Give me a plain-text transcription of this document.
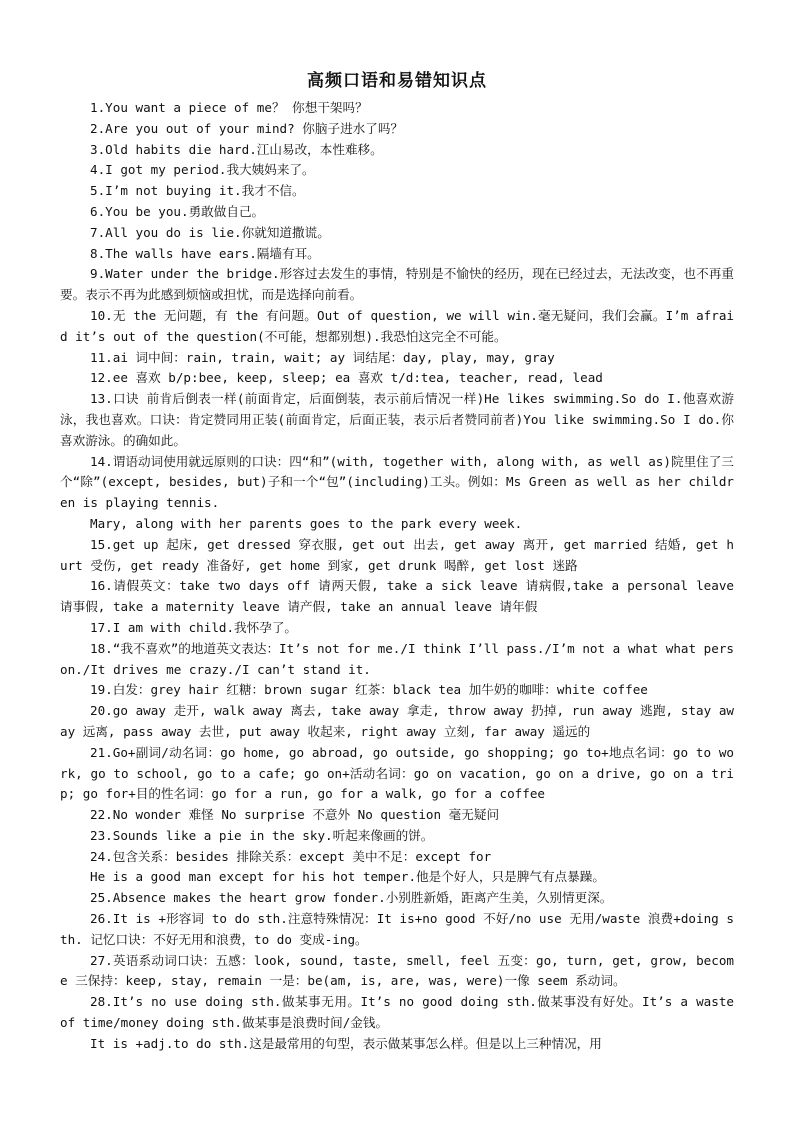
高频口语和易错知识点

1.You want a piece of me？ 你想干架吗？

2.Are you out of your mind? 你脑子进水了吗？

3.Old habits die hard.江山易改，本性难移。

4.I got my period.我大姨妈来了。

5.I’m not buying it.我才不信。

6.You be you.勇敢做自己。

7.All you do is lie.你就知道撒谎。

8.The walls have ears.隔墙有耳。

9.Water under the bridge.形容过去发生的事情，特别是不愉快的经历，现在已经过去，无法改变，也不再重要。表示不再为此感到烦恼或担忧，而是选择向前看。

10.无 the 无问题，有 the 有问题。Out of question, we will win.毫无疑问，我们会赢。I’m afraid it’s out of the question(不可能，想都别想).我恐怕这完全不可能。

11.ai 词中间：rain, train, wait; ay 词结尾：day, play, may, gray

12.ee 喜欢 b/p:bee, keep, sleep; ea 喜欢 t/d:tea, teacher, read, lead

13.口诀 前肯后倒表一样(前面肯定，后面倒装，表示前后情况一样)He likes swimming.So do I.他喜欢游泳，我也喜欢。口诀：肯定赞同用正装(前面肯定，后面正装，表示后者赞同前者)You like swimming.So I do.你喜欢游泳。的确如此。

14.谓语动词使用就远原则的口诀：四“和”(with, together with, along with, as well as)院里住了三个“除”(except, besides, but)子和一个“包”(including)工头。例如：Ms Green as well as her children is playing tennis.

Mary, along with her parents goes to the park every week.

15.get up 起床, get dressed 穿衣服, get out 出去, get away 离开, get married 结婚, get hurt 受伤, get ready 准备好, get home 到家, get drunk 喝醉, get lost 迷路

16.请假英文：take two days off 请两天假, take a sick leave 请病假,take a personal leave 请事假, take a maternity leave 请产假, take an annual leave 请年假

17.I am with child.我怀孕了。

18.“我不喜欢”的地道英文表达：It’s not for me./I think I’ll pass./I’m not a what what person./It drives me crazy./I can’t stand it.

19.白发：grey hair 红糖：brown sugar 红茶：black tea 加牛奶的咖啡：white coffee

20.go away 走开, walk away 离去, take away 拿走, throw away 扔掉, run away 逃跑, stay away 远离, pass away 去世, put away 收起来, right away 立刻, far away 遥远的

21.Go+副词/动名词：go home, go abroad, go outside, go shopping; go to+地点名词：go to work, go to school, go to a cafe; go on+活动名词：go on vacation, go on a drive, go on a trip; go for+目的性名词：go for a run, go for a walk, go for a coffee

22.No wonder 难怪 No surprise 不意外 No question 毫无疑问

23.Sounds like a pie in the sky.听起来像画的饼。

24.包含关系：besides 排除关系：except 美中不足：except for

He is a good man except for his hot temper.他是个好人，只是脾气有点暴躁。

25.Absence makes the heart grow fonder.小别胜新婚，距离产生美，久别情更深。

26.It is +形容词 to do sth.注意特殊情况：It is+no good 不好/no use 无用/waste 浪费+doing sth. 记忆口诀：不好无用和浪费，to do 变成-ing。

27.英语系动词口诀：五感：look, sound, taste, smell, feel 五变：go, turn, get, grow, become 三保持：keep, stay, remain 一是：be(am, is, are, was, were)一像 seem 系动词。

28.It’s no use doing sth.做某事无用。It’s no good doing sth.做某事没有好处。It’s a waste of time/money doing sth.做某事是浪费时间/金钱。

It is +adj.to do sth.这是最常用的句型，表示做某事怎么样。但是以上三种情况，用
